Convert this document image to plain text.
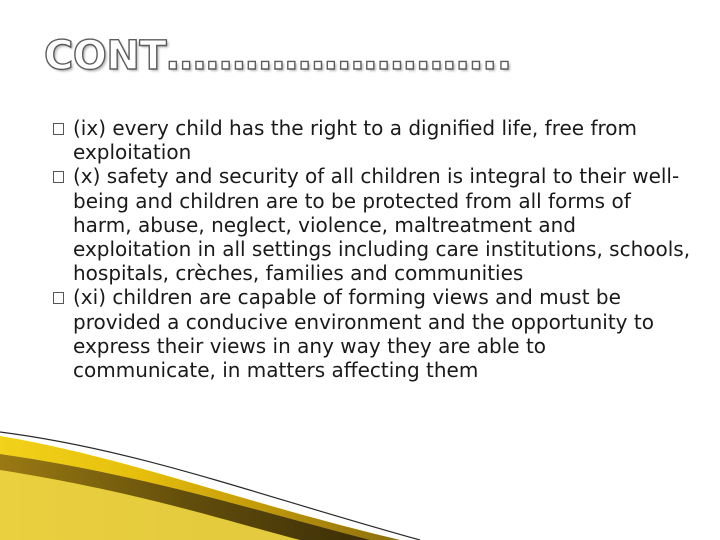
CONT……………………..
(ix) every child has the right to a dignified life, free from exploitation
(x) safety and security of all children is integral to their well-being and children are to be protected from all forms of harm, abuse, neglect, violence, maltreatment and exploitation in all settings including care institutions, schools, hospitals, crèches, families and communities
(xi) children are capable of forming views and must be provided a conducive environment and the opportunity to express their views in any way they are able to communicate, in matters affecting them
